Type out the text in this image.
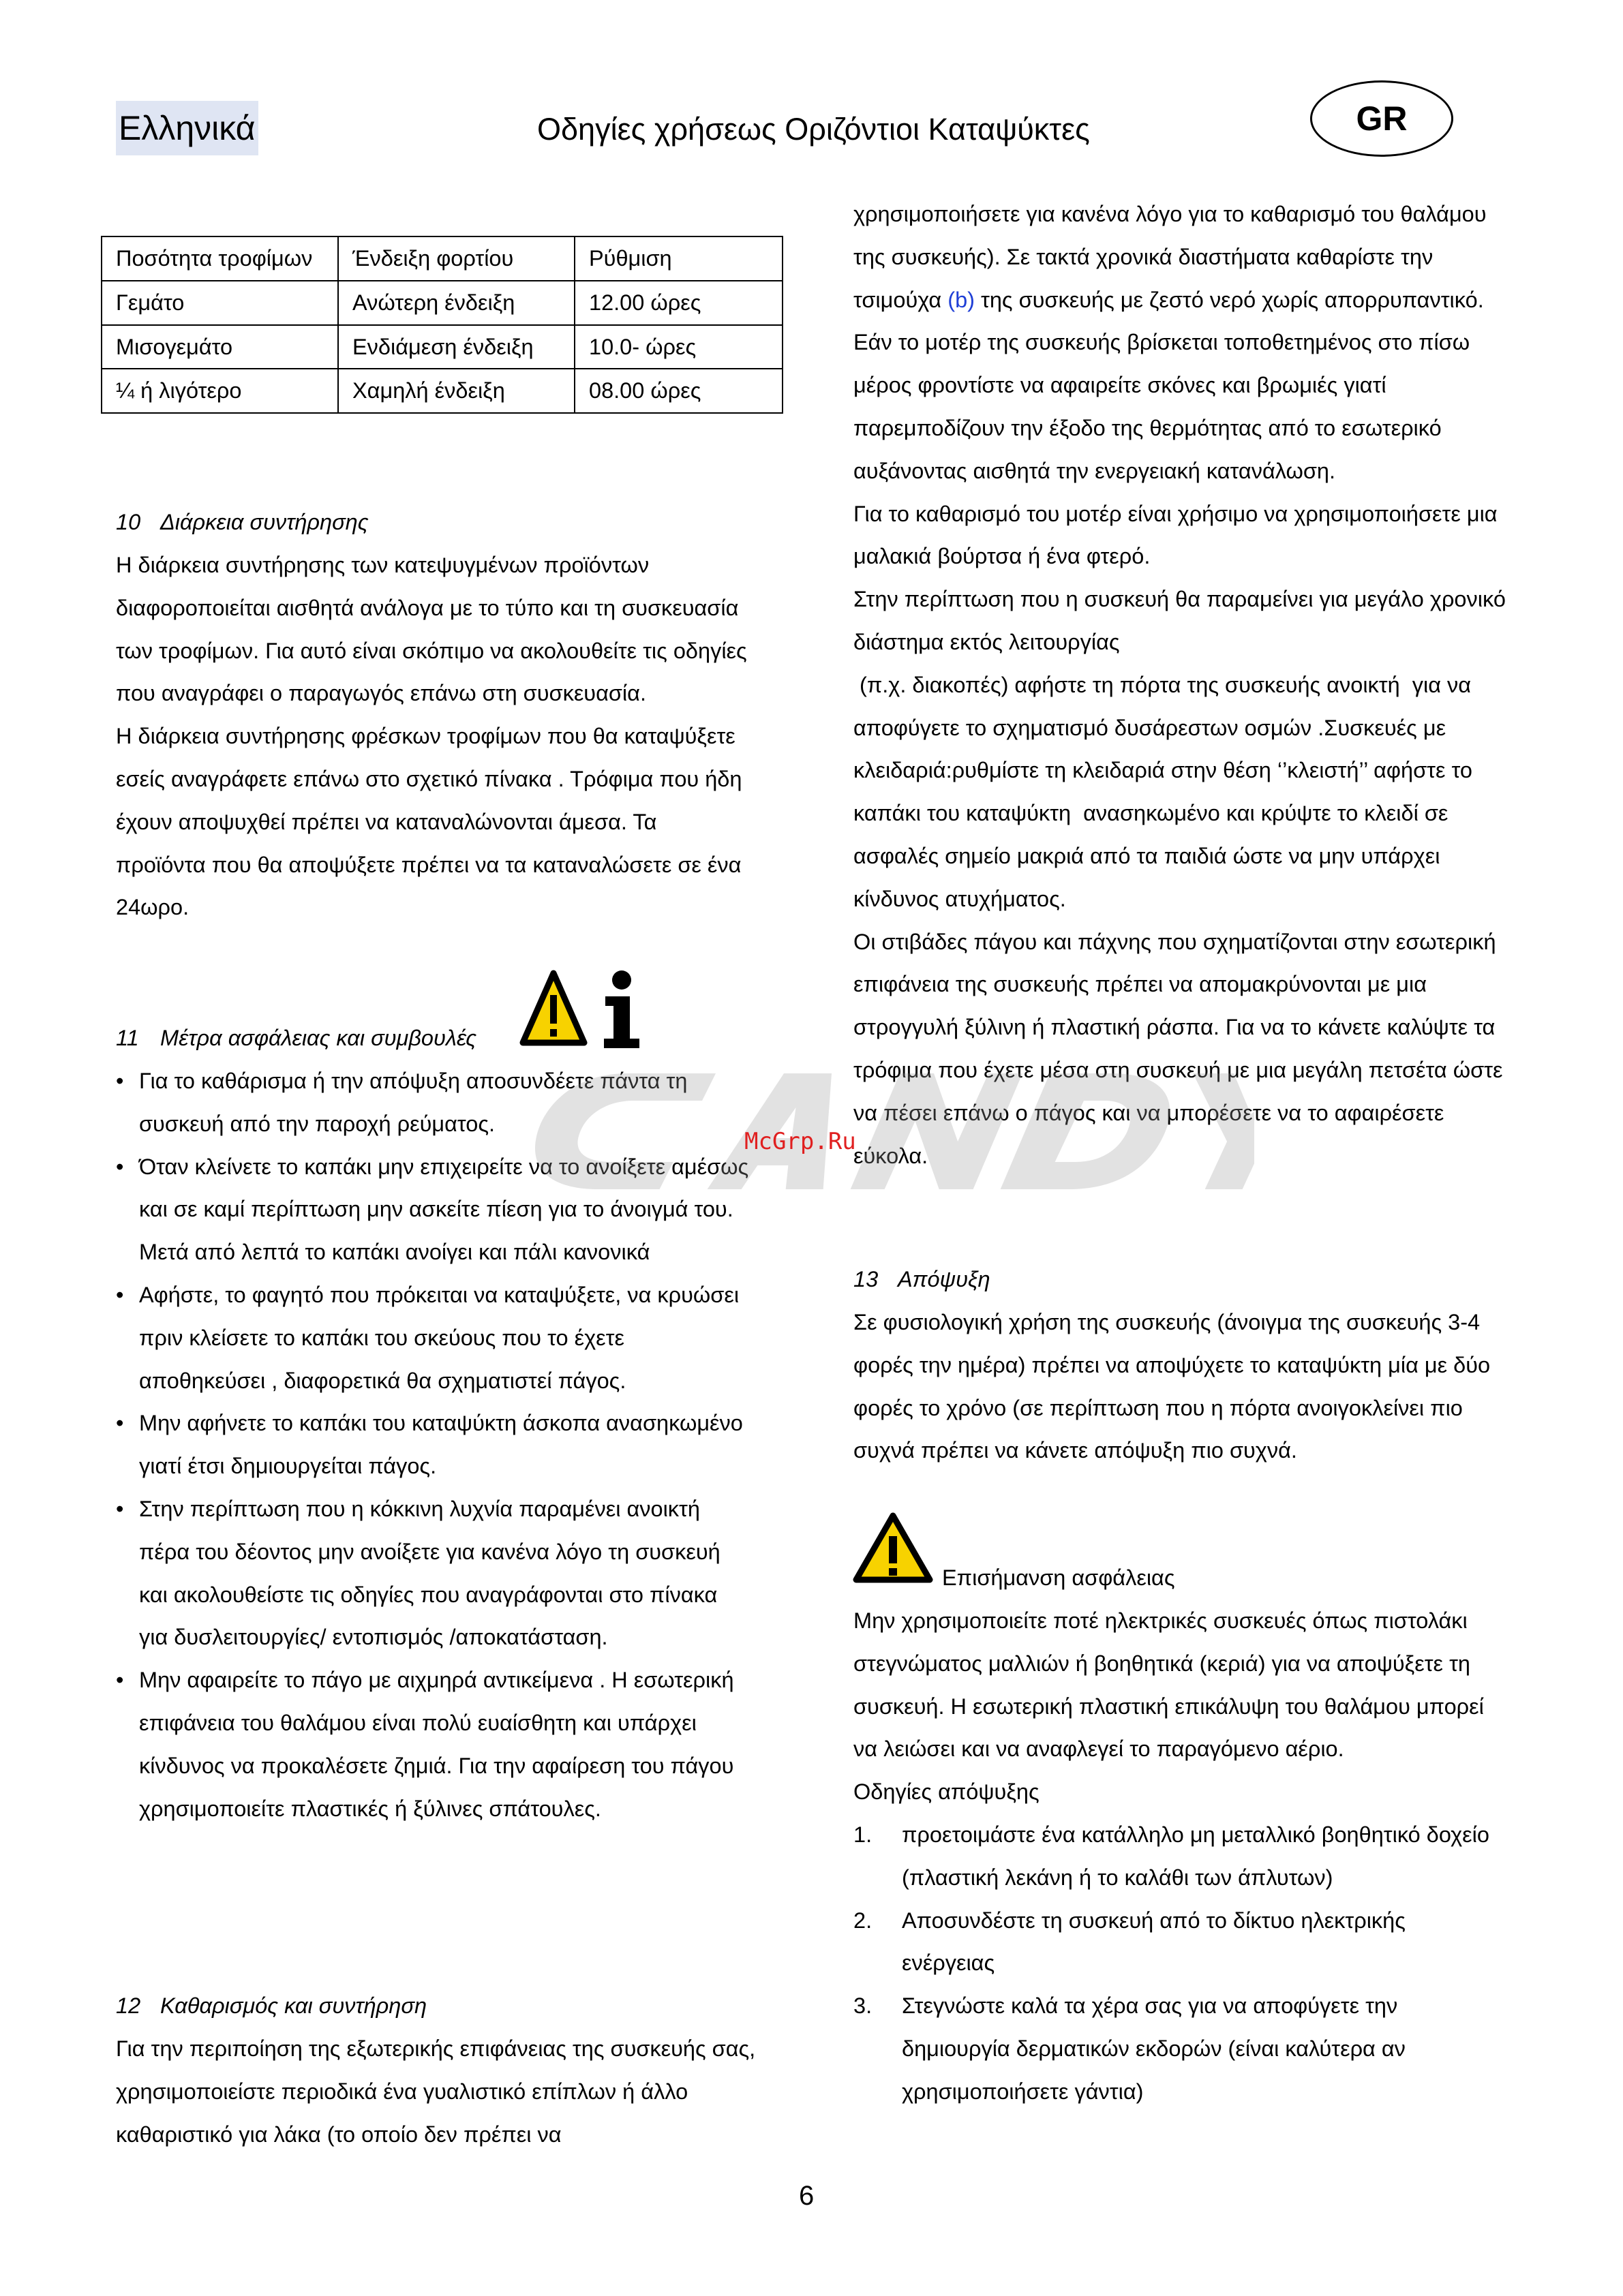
Ελληνικά	Οδηγίες χρήσεως Οριζόντιοι Καταψύκτες	GR
Ποσότητα τροφίμων	Ένδειξη φορτίου	Ρύθμιση
Γεμάτο	Ανώτερη ένδειξη	12.00 ώρες
Μισογεμάτο	Ενδιάμεση ένδειξη	10.0- ώρες
¼ ή λιγότερο	Χαμηλή ένδειξη	08.00 ώρες
10 Διάρκεια συντήρησης

Η διάρκεια συντήρησης των κατεψυγμένων προϊόντων διαφοροποιείται αισθητά ανάλογα με το τύπο και τη συσκευασία των τροφίμων. Για αυτό είναι σκόπιμο να ακολουθείτε τις οδηγίες που αναγράφει ο παραγωγός επάνω στη συσκευασία.

Η διάρκεια συντήρησης φρέσκων τροφίμων που θα καταψύξετε εσείς αναγράφετε επάνω στο σχετικό πίνακα . Τρόφιμα που ήδη έχουν αποψυχθεί πρέπει να καταναλώνονται άμεσα. Τα προϊόντα που θα αποψύξετε πρέπει να τα καταναλώσετε σε ένα 24ωρο.

11 Μέτρα ασφάλειας και συμβουλές
• Για το καθάρισμα ή την απόψυξη αποσυνδέετε πάντα τη συσκευή από την παροχή ρεύματος.
• Όταν κλείνετε το καπάκι μην επιχειρείτε να το ανοίξετε αμέσως και σε καμί περίπτωση μην ασκείτε πίεση για το άνοιγμά του. Μετά από λεπτά το καπάκι ανοίγει και πάλι κανονικά
• Αφήστε, το φαγητό που πρόκειται να καταψύξετε, να κρυώσει πριν κλείσετε το καπάκι του σκεύους που το έχετε αποθηκεύσει , διαφορετικά θα σχηματιστεί πάγος.
• Μην αφήνετε το καπάκι του καταψύκτη άσκοπα ανασηκωμένο γιατί έτσι δημιουργείται πάγος.
• Στην περίπτωση που η κόκκινη λυχνία παραμένει ανοικτή πέρα του δέοντος μην ανοίξετε για κανένα λόγο τη συσκευή και ακολουθείστε τις οδηγίες που αναγράφονται στο πίνακα για δυσλειτουργίες/ εντοπισμός /αποκατάσταση.
• Μην αφαιρείτε το πάγο με αιχμηρά αντικείμενα . Η εσωτερική επιφάνεια του θαλάμου είναι πολύ ευαίσθητη και υπάρχει κίνδυνος να προκαλέσετε ζημιά. Για την αφαίρεση του πάγου χρησιμοποιείτε πλαστικές ή ξύλινες σπάτουλες.
12 Καθαρισμός και συντήρηση

Για την περιποίηση της εξωτερικής επιφάνειας της συσκευής σας, χρησιμοποιείστε περιοδικά ένα γυαλιστικό επίπλων ή άλλο καθαριστικό για λάκα (το οποίο δεν πρέπει να

χρησιμοποιήσετε για κανένα λόγο για το καθαρισμό του θαλάμου της συσκευής). Σε τακτά χρονικά διαστήματα καθαρίστε την τσιμούχα (b) της συσκευής με ζεστό νερό χωρίς απορρυπαντικό.

Εάν το μοτέρ της συσκευής βρίσκεται τοποθετημένος στο πίσω μέρος φροντίστε να αφαιρείτε σκόνες και βρωμιές γιατί παρεμποδίζουν την έξοδο της θερμότητας από το εσωτερικό αυξάνοντας αισθητά την ενεργειακή κατανάλωση.

Για το καθαρισμό του μοτέρ είναι χρήσιμο να χρησιμοποιήσετε μια μαλακιά βούρτσα ή ένα φτερό.

Στην περίπτωση που η συσκευή θα παραμείνει για μεγάλο χρονικό διάστημα εκτός λειτουργίας

(π.χ. διακοπές) αφήστε τη πόρτα της συσκευής ανοικτή  για να αποφύγετε το σχηματισμό δυσάρεστων οσμών .Συσκευές με κλειδαριά:ρυθμίστε τη κλειδαριά στην θέση ‘’κλειστή’’ αφήστε το καπάκι του καταψύκτη  ανασηκωμένο και κρύψτε το κλειδί σε ασφαλές σημείο μακριά από τα παιδιά ώστε να μην υπάρχει κίνδυνος ατυχήματος.

Οι στιβάδες πάγου και πάχνης που σχηματίζονται στην εσωτερική επιφάνεια της συσκευής πρέπει να απομακρύνονται με μια στρογγυλή ξύλινη ή πλαστική ράσπα. Για να το κάνετε καλύψτε τα τρόφιμα που έχετε μέσα στη συσκευή με μια μεγάλη πετσέτα ώστε να πέσει επάνω ο πάγος και να μπορέσετε να το αφαιρέσετε εύκολα.

13 Απόψυξη

Σε φυσιολογική χρήση της συσκευής (άνοιγμα της συσκευής 3-4 φορές την ημέρα) πρέπει να αποψύχετε το καταψύκτη μία με δύο φορές το χρόνο (σε περίπτωση που η πόρτα ανοιγοκλείνει πιο συχνά πρέπει να κάνετε απόψυξη πιο συχνά.

Επισήμανση ασφάλειας

Μην χρησιμοποιείτε ποτέ ηλεκτρικές συσκευές όπως πιστολάκι στεγνώματος μαλλιών ή βοηθητικά (κεριά) για να αποψύξετε τη συσκευή. Η εσωτερική πλαστική επικάλυψη του θαλάμου μπορεί να λειώσει και να αναφλεγεί το παραγόμενο αέριο.

Οδηγίες απόψυξης

1. προετοιμάστε ένα κατάλληλο μη μεταλλικό βοηθητικό δοχείο (πλαστική λεκάνη ή το καλάθι των άπλυτων)
2. Αποσυνδέστε τη συσκευή από το δίκτυο ηλεκτρικής ενέργειας
3. Στεγνώστε καλά τα χέρα σας για να αποφύγετε την δημιουργία δερματικών εκδορών (είναι καλύτερα αν χρησιμοποιήσετε γάντια)
McGrp.Ru
6
